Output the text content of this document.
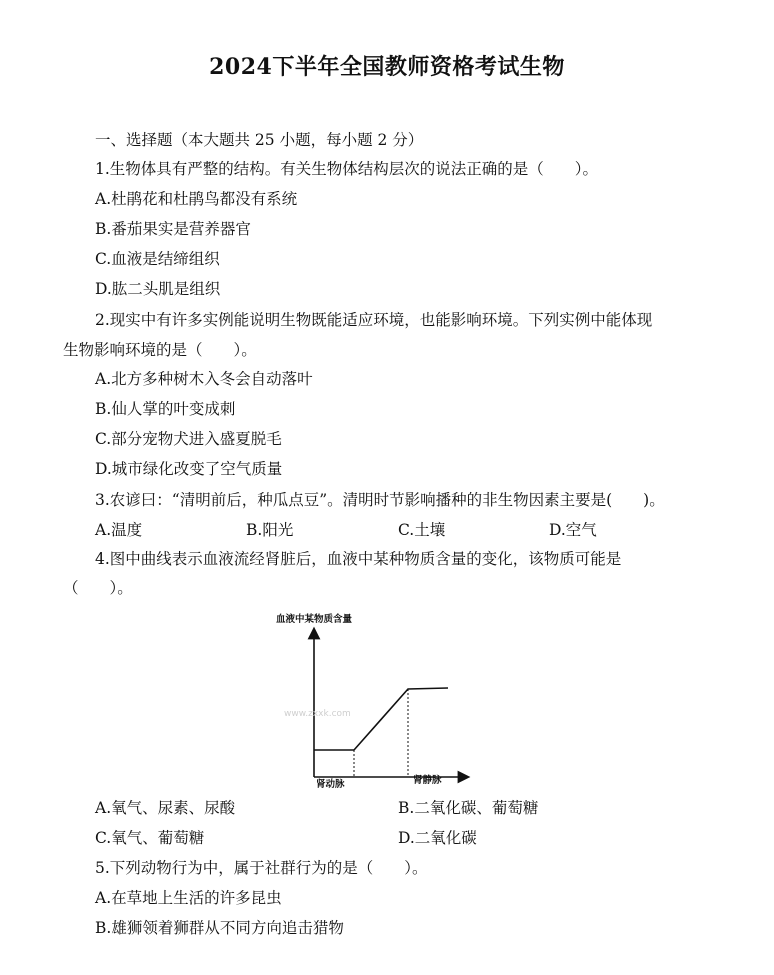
2024下半年全国教师资格考试生物
一、选择题（本大题共 25 小题，每小题 2 分）
1.生物体具有严整的结构。有关生物体结构层次的说法正确的是（　　）。
A.杜鹃花和杜鹃鸟都没有系统
B.番茄果实是营养器官
C.血液是结缔组织
D.肱二头肌是组织
2.现实中有许多实例能说明生物既能适应环境，也能影响环境。下列实例中能体现
生物影响环境的是（　　）。
A.北方多种树木入冬会自动落叶
B.仙人掌的叶变成刺
C.部分宠物犬进入盛夏脱毛
D.城市绿化改变了空气质量
3.农谚曰：“清明前后，种瓜点豆”。清明时节影响播种的非生物因素主要是(　　)。
A.温度	B.阳光	C.土壤	D.空气
4.图中曲线表示血液流经肾脏后，血液中某种物质含量的变化，该物质可能是
（　　）。
血液中某物质含量
www.zxxk.com
肾动脉	肾静脉
A.氧气、尿素、尿酸	B.二氧化碳、葡萄糖
C.氧气、葡萄糖	D.二氧化碳
5.下列动物行为中，属于社群行为的是（　　）。
A.在草地上生活的许多昆虫
B.雄狮领着狮群从不同方向追击猎物
